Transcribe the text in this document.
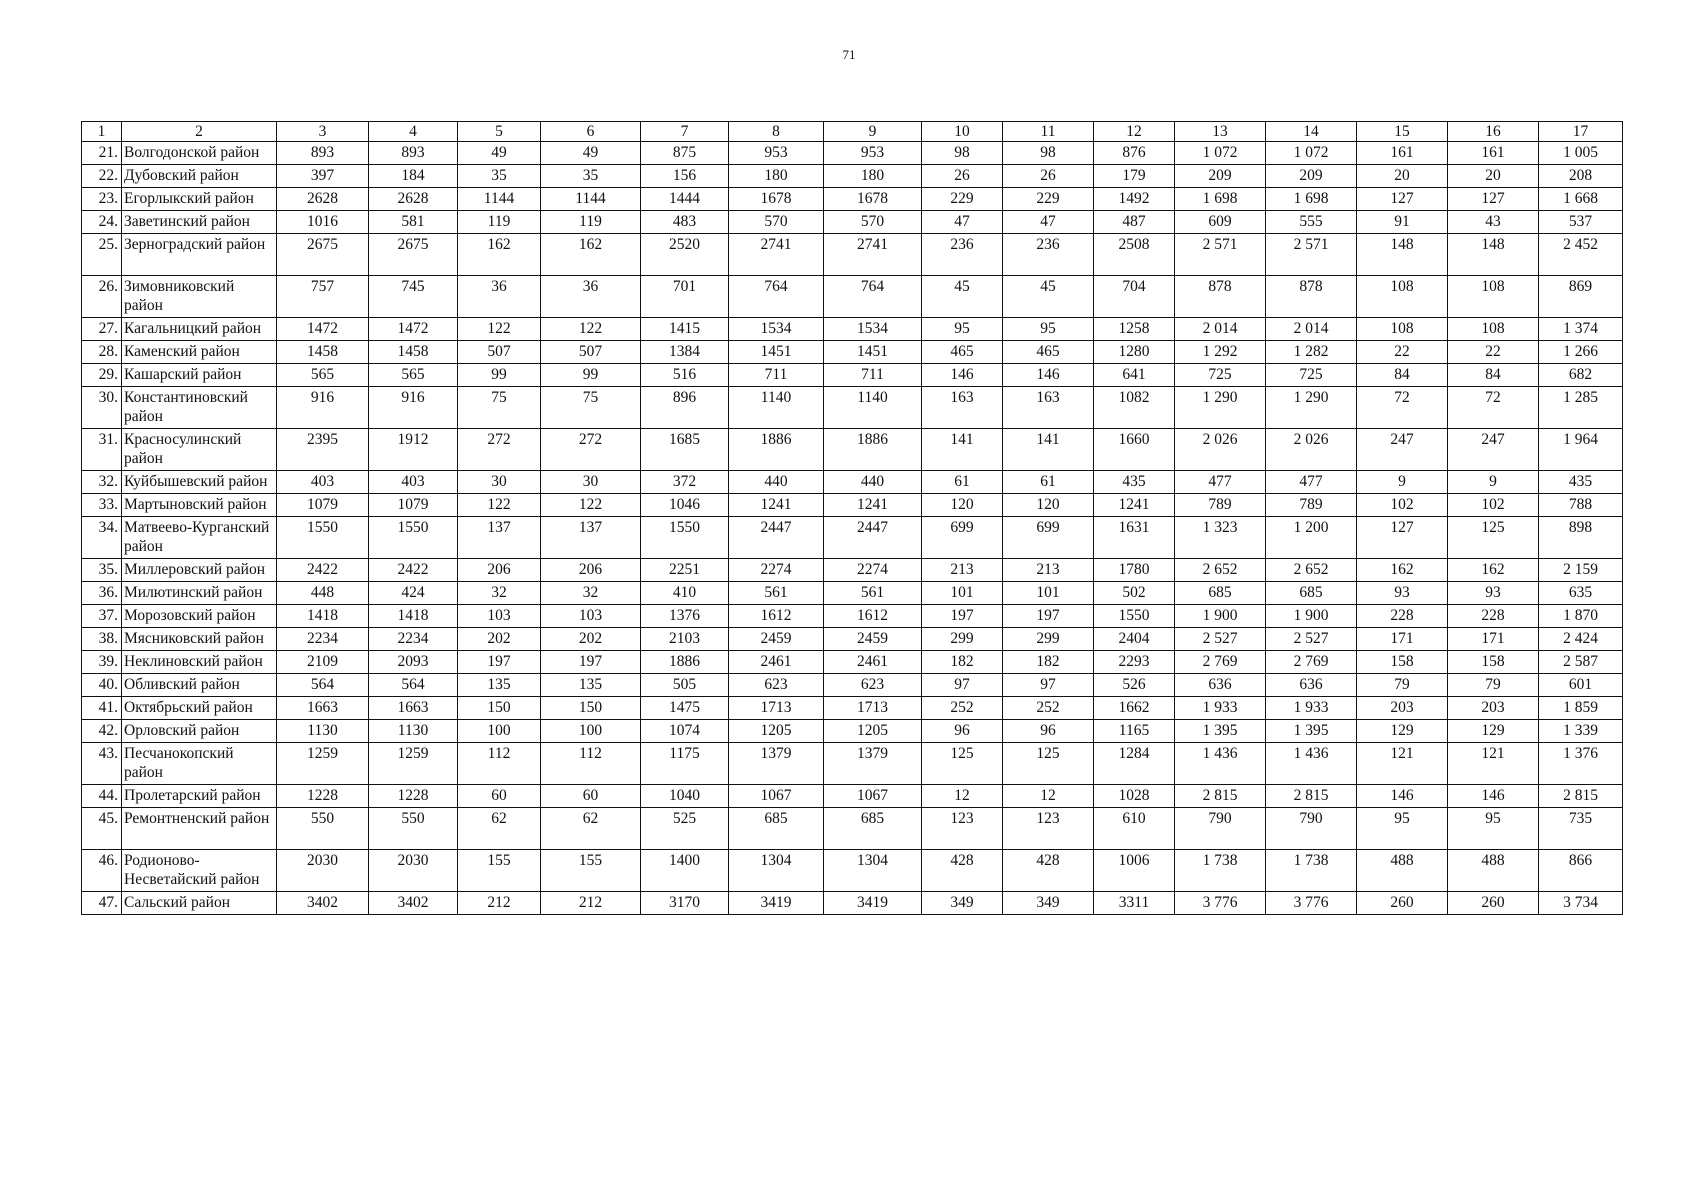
71
1	2	3	4	5	6	7	8	9	10	11	12	13	14	15	16	17
21.	Волгодонской район	893	893	49	49	875	953	953	98	98	876	1 072	1 072	161	161	1 005
22.	Дубовский район	397	184	35	35	156	180	180	26	26	179	209	209	20	20	208
23.	Егорлыкский район	2628	2628	1144	1144	1444	1678	1678	229	229	1492	1 698	1 698	127	127	1 668
24.	Заветинский район	1016	581	119	119	483	570	570	47	47	487	609	555	91	43	537
25.	Зерноградский район	2675	2675	162	162	2520	2741	2741	236	236	2508	2 571	2 571	148	148	2 452
26.	Зимовниковский район	757	745	36	36	701	764	764	45	45	704	878	878	108	108	869
27.	Кагальницкий район	1472	1472	122	122	1415	1534	1534	95	95	1258	2 014	2 014	108	108	1 374
28.	Каменский район	1458	1458	507	507	1384	1451	1451	465	465	1280	1 292	1 282	22	22	1 266
29.	Кашарский район	565	565	99	99	516	711	711	146	146	641	725	725	84	84	682
30.	Константиновский район	916	916	75	75	896	1140	1140	163	163	1082	1 290	1 290	72	72	1 285
31.	Красносулинский район	2395	1912	272	272	1685	1886	1886	141	141	1660	2 026	2 026	247	247	1 964
32.	Куйбышевский район	403	403	30	30	372	440	440	61	61	435	477	477	9	9	435
33.	Мартыновский район	1079	1079	122	122	1046	1241	1241	120	120	1241	789	789	102	102	788
34.	Матвеево-Курганский район	1550	1550	137	137	1550	2447	2447	699	699	1631	1 323	1 200	127	125	898
35.	Миллеровский район	2422	2422	206	206	2251	2274	2274	213	213	1780	2 652	2 652	162	162	2 159
36.	Милютинский район	448	424	32	32	410	561	561	101	101	502	685	685	93	93	635
37.	Морозовский район	1418	1418	103	103	1376	1612	1612	197	197	1550	1 900	1 900	228	228	1 870
38.	Мясниковский район	2234	2234	202	202	2103	2459	2459	299	299	2404	2 527	2 527	171	171	2 424
39.	Неклиновский район	2109	2093	197	197	1886	2461	2461	182	182	2293	2 769	2 769	158	158	2 587
40.	Обливский район	564	564	135	135	505	623	623	97	97	526	636	636	79	79	601
41.	Октябрьский район	1663	1663	150	150	1475	1713	1713	252	252	1662	1 933	1 933	203	203	1 859
42.	Орловский район	1130	1130	100	100	1074	1205	1205	96	96	1165	1 395	1 395	129	129	1 339
43.	Песчанокопский район	1259	1259	112	112	1175	1379	1379	125	125	1284	1 436	1 436	121	121	1 376
44.	Пролетарский район	1228	1228	60	60	1040	1067	1067	12	12	1028	2 815	2 815	146	146	2 815
45.	Ремонтненский район	550	550	62	62	525	685	685	123	123	610	790	790	95	95	735
46.	Родионово-Несветайский район	2030	2030	155	155	1400	1304	1304	428	428	1006	1 738	1 738	488	488	866
47.	Сальский район	3402	3402	212	212	3170	3419	3419	349	349	3311	3 776	3 776	260	260	3 734
